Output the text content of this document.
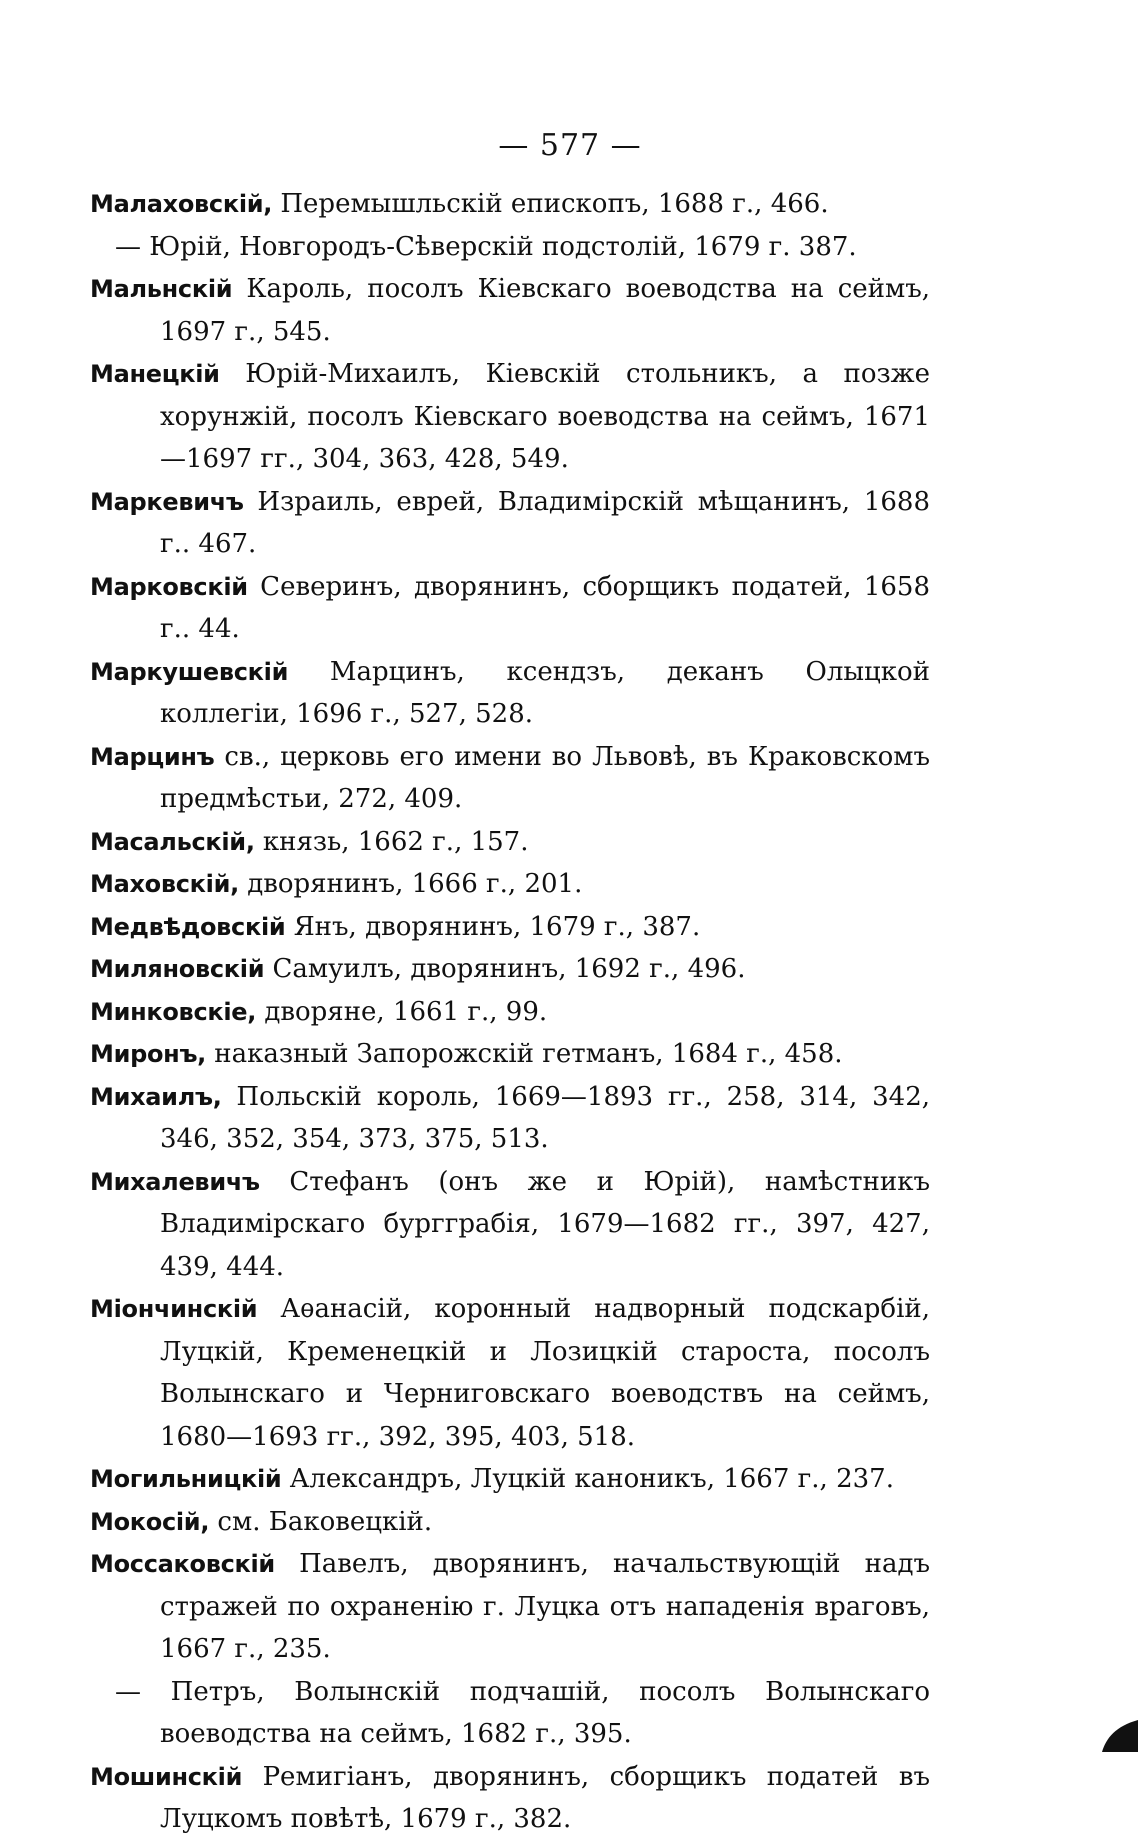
— 577 —

Малаховскій, Перемышльскій епископъ, 1688 г., 466.

— Юрій, Новгородъ-Сѣверскій подстолій, 1679 г. 387.

Мальнскій Кароль, посолъ Кіевскаго воеводства на сеймъ, 1697 г., 545.

Манецкій Юрій-Михаилъ, Кіевскій стольникъ, а позже хорунжій, посолъ Кіевскаго воеводства на сеймъ, 1671—1697 гг., 304, 363, 428, 549.

Маркевичъ Израиль, еврей, Владимірскій мѣщанинъ, 1688 г.. 467.

Марковскій Северинъ, дворянинъ, сборщикъ податей, 1658 г.. 44.

Маркушевскій Марцинъ, ксендзъ, деканъ Олыцкой коллегіи, 1696 г., 527, 528.

Марцинъ св., церковь его имени во Львовѣ, въ Краковскомъ предмѣстьи, 272, 409.

Масальскій, князь, 1662 г., 157.

Маховскій, дворянинъ, 1666 г., 201.

Медвѣдовскій Янъ, дворянинъ, 1679 г., 387.

Миляновскій Самуилъ, дворянинъ, 1692 г., 496.

Минковскіе, дворяне, 1661 г., 99.

Миронъ, наказный Запорожскій гетманъ, 1684 г., 458.

Михаилъ, Польскій король, 1669—1893 гг., 258, 314, 342, 346, 352, 354, 373, 375, 513.

Михалевичъ Стефанъ (онъ же и Юрій), намѣстникъ Владимірскаго бургграбія, 1679—1682 гг., 397, 427, 439, 444.

Міончинскій Аѳанасій, коронный надворный подскарбій, Луцкій, Кременецкій и Лозицкій староста, посолъ Волынскаго и Черниговскаго воеводствъ на сеймъ, 1680—1693 гг., 392, 395, 403, 518.

Могильницкій Александръ, Луцкій каноникъ, 1667 г., 237.

Мокосій, см. Баковецкій.

Моссаковскій Павелъ, дворянинъ, начальствующій надъ стражей по охраненію г. Луцка отъ нападенія враговъ, 1667 г., 235.

— Петръ, Волынскій подчашій, посолъ Волынскаго воеводства на сеймъ, 1682 г., 395.

Мошинскій Ремигіанъ, дворянинъ, сборщикъ податей въ Луцкомъ повѣтѣ, 1679 г., 382.
